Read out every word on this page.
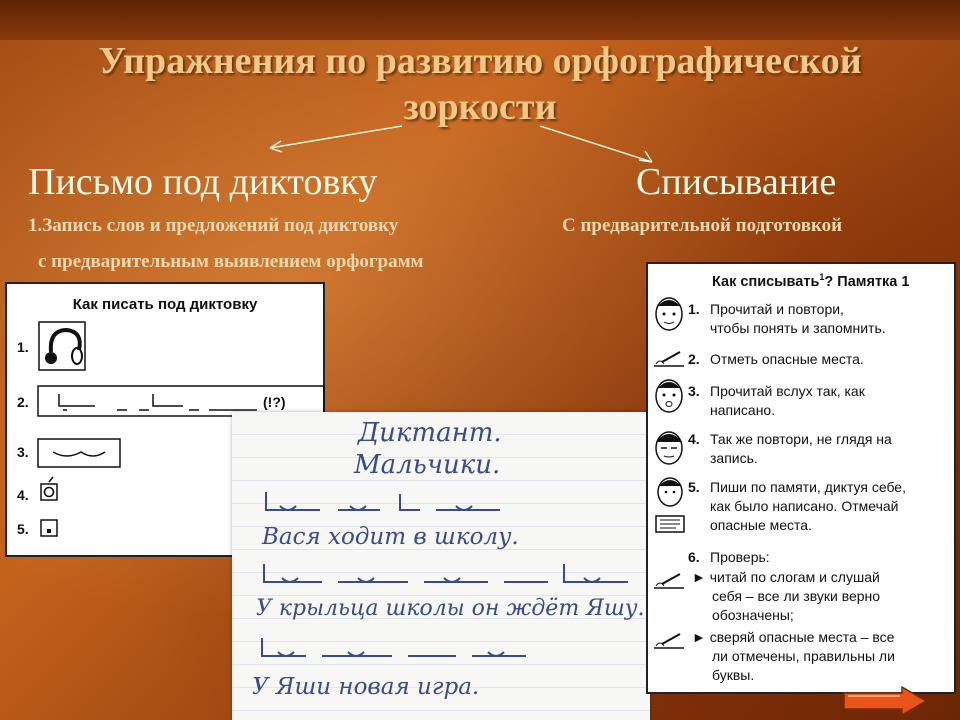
Упражнения по развитию орфографической
зоркости
Письмо под диктовку	Списывание
1.Запись слов и предложений под диктовку
с предварительным выявлением орфограмм
С предварительной подготовкой
Как писать под диктовку
1.
2.	(!?)
3.
4.
5.
Диктант.
Мальчики.
Вася ходит в школу.
У крыльца школы он ждёт Яшу.
У Яши новая игра.
Как списывать$^1$? Памятка 1
1. Прочитай и повтори,
чтобы понять и запомнить.
2. Отметь опасные места.
3. Прочитай вслух так, как
написано.
4. Так же повтори, не глядя на
запись.
5. Пиши по памяти, диктуя себе,
как было написано. Отмечай
опасные места.
6. Проверь:
► читай по слогам и слушай
себя – все ли звуки верно
обозначены;
► сверяй опасные места – все
ли отмечены, правильны ли
буквы.
